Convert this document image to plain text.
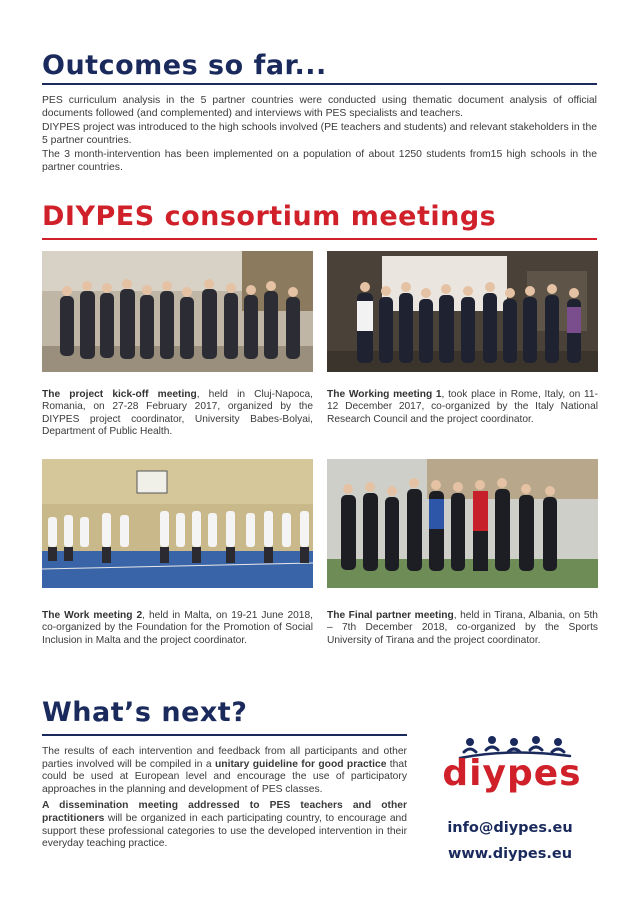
Outcomes so far...

PES curriculum analysis in the 5 partner countries were conducted using thematic document analysis of official documents followed (and complemented) and interviews with PES specialists and teachers.

DIYPES project was introduced to the high schools involved (PE teachers and students) and relevant stakeholders in the 5 partner countries.

The 3 month-intervention has been implemented on a population of about 1250 students from15 high schools in the partner countries.

DIYPES consortium meetings
The project kick-off meeting, held in Cluj-Napoca, Romania, on 27-28 February 2017, organized by the DIYPES project coordinator, University Babes-Bolyai, Department of Public Health.
The Working meeting 1, took place in Rome, Italy, on 11-12 December 2017, co-organized by the Italy National Research Council and the project coordinator.
The Work meeting 2, held in Malta, on 19-21 June 2018, co-organized by the Foundation for the Promotion of Social Inclusion in Malta and the project coordinator.
The Final partner meeting, held in Tirana, Albania, on 5th – 7th December 2018, co-organized by the Sports University of Tirana and the project coordinator.
What’s next?

The results of each intervention and feedback from all participants and other parties involved will be compiled in a unitary guideline for good practice that could be used at European level and encourage the use of participatory approaches in the planning and development of PES classes.

A dissemination meeting addressed to PES teachers and other practitioners will be organized in each participating country, to encourage and support these professional categories to use the developed intervention in their everyday teaching practice.

diypes
info@diypes.eu
www.diypes.eu
